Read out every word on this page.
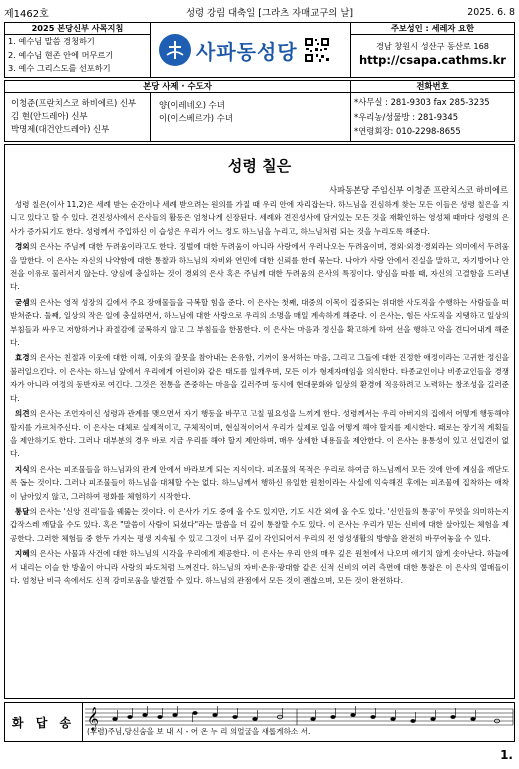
제1462호	성령 강림 대축일 [그라츠 자매교구의 날]	2025. 6. 8
2025 본당신부 사목지침
1. 예수님 말씀 경청하기
2. 예수님 현존 안에 머무르기
3. 예수 그리스도를 선포하기
사파동성당
주보성인 : 세레자 요한
경남 창원시 성산구 동산로 168
http://csapa.cathms.kr
이청준(프란치스코 하비에르) 신부
김 현(안드레아) 신부
박명제(대건안드레아) 신부
양(이레네오) 수녀
이(이스베르가) 수녀
전화번호
*사무실 : 281-9303 fax 285-3235
*우리농/성물방 : 281-9345
*연령회장: 010-2298-8655
본당 사제 · 수도자
성령 칠은
사파동본당 주임신부 이청준 프란치스코 하비에르

성령 칠은(이사 11,2)은 세례 받는 순간이나 세례 받으려는 원의를 가질 때 우리 안에 자리잡는다. 하느님을 진심하게 찾는 모든 이들은 성령 칠은을 지니고 있다고 할 수 있다. 견진성사에서 은사들의 활동은 엄청나게 신장된다. 세례와 견진성사에 담겨있는 모든 것을 재확인하는 영성체 때마다 성령의 은사가 증가되기도 한다. 성령께서 주입하신 이 습성은 우리가 어느 정도 하느님을 누리고, 하느님처럼 되는 것을 누리도록 해준다.

경외의 은사는 주님께 대한 두려움이라고도 한다. 징벌에 대한 두려움이 아니라 사랑에서 우러나오는 두려움이며, 경외·외경·경외라는 의미에서 두려움을 말한다. 이 은사는 자신의 나약함에 대한 통찰과 하느님의 자비와 연민에 대한 신뢰를 한데 묶는다. 나아가 사랑 안에서 진실을 말하고, 자기방어나 안전을 이유로 물러서지 않는다. 양심에 충실하는 것이 경외의 은사 혹은 주님께 대한 두려움의 은사의 특징이다. 양심을 따를 때, 자신의 고결함을 드러낸다.

굳셈의 은사는 영적 성장의 길에서 주요 장애물들을 극복할 힘을 준다. 이 은사는 첫째, 대중의 이목이 집중되는 위대한 사도직을 수행하는 사람들을 떠받쳐준다. 둘째, 일상의 작은 일에 충실하면서, 하느님에 대한 사랑으로 우리의 소명을 매일 계속하게 해준다. 이 은사는, 힘든 사도직을 지탱하고 일상의 부침들과 싸우고 저항하거나 좌절감에 굴복하지 않고 그 부침들을 한몸한다. 이 은사는 마음과 정신을 확고하게 하여 선을 행하고 악을 견디어내게 해준다.

효경의 은사는 친절과 이웃에 대한 이해, 이웃의 잘못을 참아내는 온유함, 기꺼이 용서하는 마음, 그리고 그들에 대한 진정한 애정이라는 고귀한 정신을 불러일으킨다. 이 은사는 하느님 앞에서 우리에게 어린이와 같은 태도를 일깨우며, 모든 이가 형제자매임을 의식한다. 타종교인이나 비종교인들을 경쟁자가 아니라 여정의 동반자로 여긴다. 그것은 전통을 존중하는 마음을 길러주며 동시에 현대문화와 일상의 환경에 적응하려고 노력하는 창조성을 길러준다.

의견의 은사는 조언자이신 성령과 관계를 맺으면서 자기 행동을 바꾸고 고칠 필요성을 느끼게 한다. 성령께서는 우리 아버지의 집에서 어떻게 행동해야 할지를 가르쳐주신다. 이 은사는 대체로 실제적이고, 구체적이며, 현실적이어서 우리가 실제로 일을 어떻게 해야 할지를 제시한다. 때로는 장기적 계획들을 제안하기도 한다. 그러나 대부분의 경우 바로 지금 우리를 해야 할지 제안하며, 매우 상세한 내용들을 제안한다. 이 은사는 용통성이 있고 선입견이 없다.

지식의 은사는 피조물들을 하느님과의 관계 안에서 바라보게 되는 지식이다. 피조물의 목적은 우리로 하여금 하느님께서 모든 것에 안에 계심을 깨닫도록 돕는 것이다. 그러나 피조물들이 하느님을 대체할 수는 없다. 하느님께서 행하신 유일한 원천이라는 사실에 익숙해진 후에는 피조물에 집착하는 애착이 남아있지 않고, 그러하여 평화를 체험하기 시작한다.

통달의 은사는 '신앙 진리'들을 꿰뚫는 것이다. 이 은사가 기도 중에 올 수도 있지만, 기도 시간 외에 올 수도 있다. '신인들의 통공'이 무엇을 의미하는지 갑작스레 깨달을 수도 있다. 혹은 "말씀이 사람이 되셨다"라는 말씀을 더 깊이 통찰할 수도 있다. 이 은사는 우리가 믿는 신비에 대한 살아있는 체험을 제공한다. 그러한 체험들 중 한두 가지는 평생 지속될 수 있고 그것이 너무 깊이 각인되어서 우리의 전 영성생활의 방향을 완전히 바꾸어놓을 수 있다.

지혜의 은사는 사물과 사건에 대한 하느님의 시각을 우리에게 제공한다. 이 은사는 우리 안의 매우 깊은 원천에서 나오며 애기치 않게 솟아난다. 하늘에서 내리는 이슬 한 방울이 아니라 사랑의 파도처럼 느껴진다. 하느님의 자비·온유·광대함 같은 신적 신비의 여러 측면에 대한 통찰은 이 은사의 열매들이다. 엄청난 비극 속에서도 신적 강미로움을 발견할 수 있다. 하느님의 관점에서 모든 것이 괜찮으며, 모든 것이 완전하다.

화 답 송 𝄞
(후렴)주님,당신숨을 보 내 시 - 어 온 누 리 의얼굴을 새롭게하소 서.
1.
